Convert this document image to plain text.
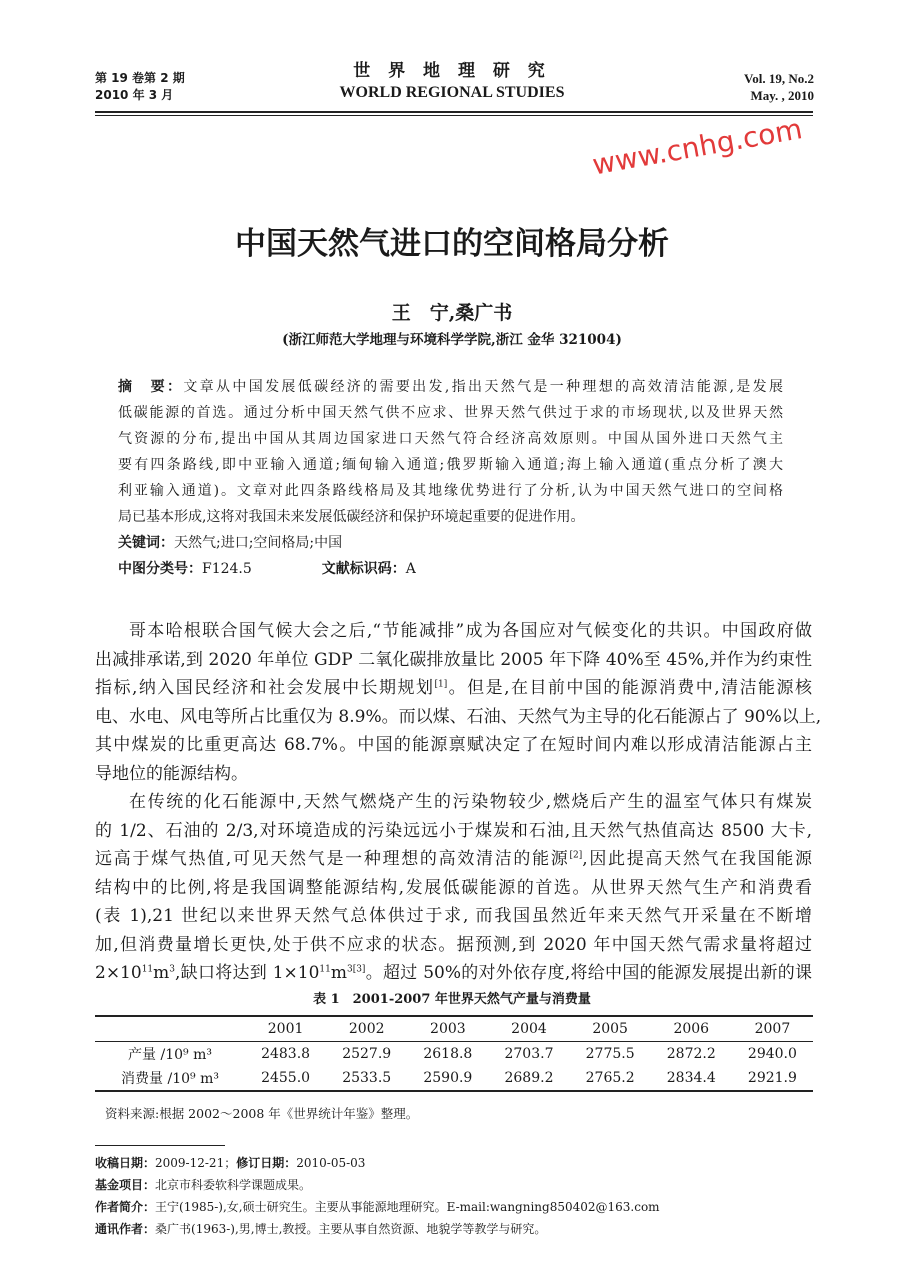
第 19 卷第 2 期
2010 年 3 月
世 界 地 理 研 究
WORLD REGIONAL STUDIES
Vol. 19, No.2
May. , 2010
www.cnhg.com
中国天然气进口的空间格局分析
王　宁,桑广书
(浙江师范大学地理与环境科学学院,浙江 金华 321004)
摘　要：文章从中国发展低碳经济的需要出发,指出天然气是一种理想的高效清洁能源,是发展
低碳能源的首选。通过分析中国天然气供不应求、世界天然气供过于求的市场现状,以及世界天然
气资源的分布,提出中国从其周边国家进口天然气符合经济高效原则。中国从国外进口天然气主
要有四条路线,即中亚输入通道;缅甸输入通道;俄罗斯输入通道;海上输入通道(重点分析了澳大
利亚输入通道)。文章对此四条路线格局及其地缘优势进行了分析,认为中国天然气进口的空间格
局已基本形成,这将对我国未来发展低碳经济和保护环境起重要的促进作用。
关键词：天然气;进口;空间格局;中国
中图分类号：F124.5	文献标识码：A
哥本哈根联合国气候大会之后,“节能减排”成为各国应对气候变化的共识。中国政府做
出减排承诺,到 2020 年单位 GDP 二氧化碳排放量比 2005 年下降 40%至 45%,并作为约束性
指标,纳入国民经济和社会发展中长期规划[1]。但是,在目前中国的能源消费中,清洁能源核
电、水电、风电等所占比重仅为 8.9%。而以煤、石油、天然气为主导的化石能源占了 90%以上,
其中煤炭的比重更高达 68.7%。中国的能源禀赋决定了在短时间内难以形成清洁能源占主
导地位的能源结构。
在传统的化石能源中,天然气燃烧产生的污染物较少,燃烧后产生的温室气体只有煤炭
的 1/2、石油的 2/3,对环境造成的污染远远小于煤炭和石油,且天然气热值高达 8500 大卡,
远高于煤气热值,可见天然气是一种理想的高效清洁的能源[2],因此提高天然气在我国能源
结构中的比例,将是我国调整能源结构,发展低碳能源的首选。从世界天然气生产和消费看
(表 1),21 世纪以来世界天然气总体供过于求, 而我国虽然近年来天然气开采量在不断增
加,但消费量增长更快,处于供不应求的状态。据预测,到 2020 年中国天然气需求量将超过
$2\times 10^{11}m^3$,缺口将达到 $1\times 10^{11}m^{3[3]}$。超过 50%的对外依存度,将给中国的能源发展提出新的课
表 1　2001-2007 年世界天然气产量与消费量
	2001	2002	2003	2004	2005	2006	2007
产量 /10⁹ m³	2483.8	2527.9	2618.8	2703.7	2775.5	2872.2	2940.0
消费量 /10⁹ m³	2455.0	2533.5	2590.9	2689.2	2765.2	2834.4	2921.9
资料来源:根据 2002～2008 年《世界统计年鉴》整理。
收稿日期：2009-12-21；修订日期：2010-05-03
基金项目：北京市科委软科学课题成果。
作者简介：王宁(1985-),女,硕士研究生。主要从事能源地理研究。E-mail:wangning850402@163.com
通讯作者：桑广书(1963-),男,博士,教授。主要从事自然资源、地貌学等教学与研究。
